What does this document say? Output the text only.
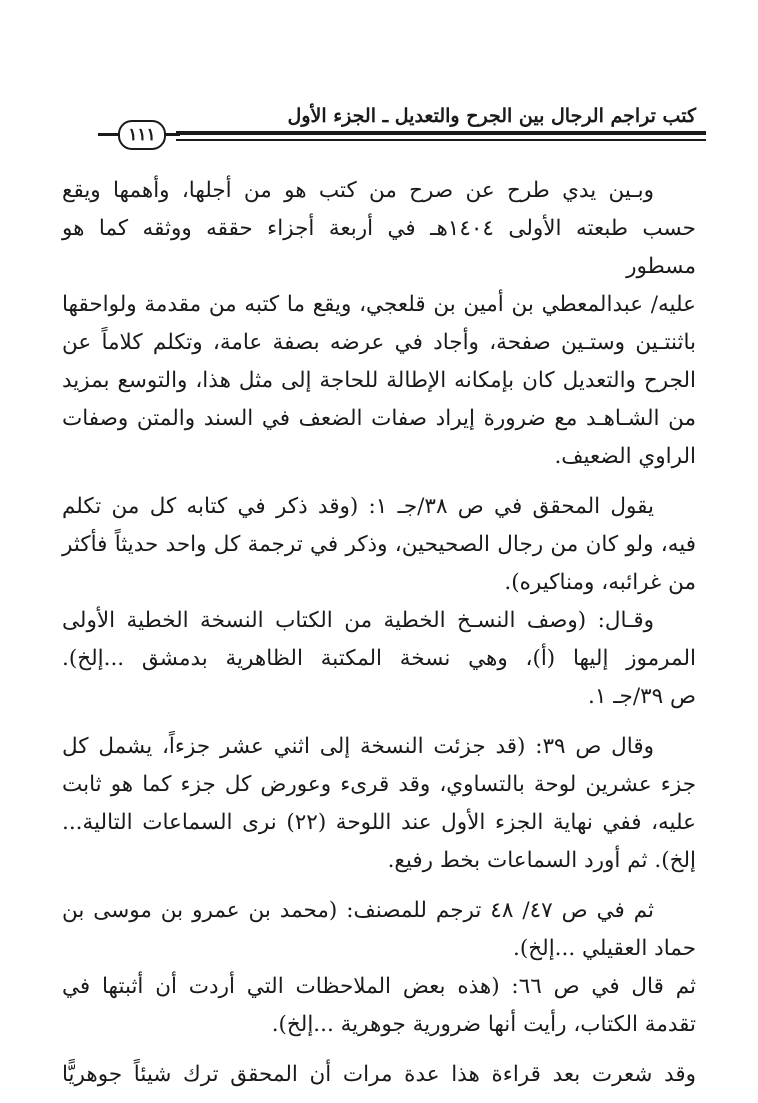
كتب تراجم الرجال بين الجرح والتعديل ـ الجزء الأول
١١١

وبـين يدي طرح عن صرح من كتب هو من أجلها، وأهمها ويقع
حسب طبعته الأولى ١٤٠٤هـ في أربعة أجزاء حققه ووثقه كما هو مسطور
عليه/ عبدالمعطي بن أمين بن قلعجي، ويقع ما كتبه من مقدمة ولواحقها
باثنتـين وستـين صفحة، وأجاد في عرضه بصفة عامة، وتكلم كلاماً عن
الجرح والتعديل كان بإمكانه الإطالة للحاجة إلى مثل هذا، والتوسع بمزيد
من الشـاهـد مع ضرورة إيراد صفات الضعف في السند والمتن وصفات
الراوي الضعيف.

يقول المحقق في ص ٣٨/جـ ١: (وقد ذكر في كتابه كل من تكلم
فيه، ولو كان من رجال الصحيحين، وذكر في ترجمة كل واحد حديثاً فأكثر
من غرائبه، ومناكيره).

وقـال: (وصف النسـخ الخطية من الكتاب النسخة الخطية الأولى
المرموز إليها (أ)، وهي نسخة المكتبة الظاهرية بدمشق ...إلخ).
ص ٣٩/جـ ١.

وقال ص ٣٩: (قد جزئت النسخة إلى اثني عشر جزءاً، يشمل كل
جزء عشرين لوحة بالتساوي، وقد قرىء وعورض كل جزء كما هو ثابت
عليه، ففي نهاية الجزء الأول عند اللوحة (٢٢) نرى السماعات التالية...
إلخ). ثم أورد السماعات بخط رفيع.

ثم في ص ٤٧/ ٤٨ ترجم للمصنف: (محمد بن عمرو بن موسى بن
حماد العقيلي ...إلخ).

ثم قال في ص ٦٦: (هذه بعض الملاحظات التي أردت أن أثبتها في
تقدمة الكتاب، رأيت أنها ضرورية جوهرية ...إلخ).

وقد شعرت بعد قراءة هذا عدة مرات أن المحقق ترك شيئاً جوهريًّا
